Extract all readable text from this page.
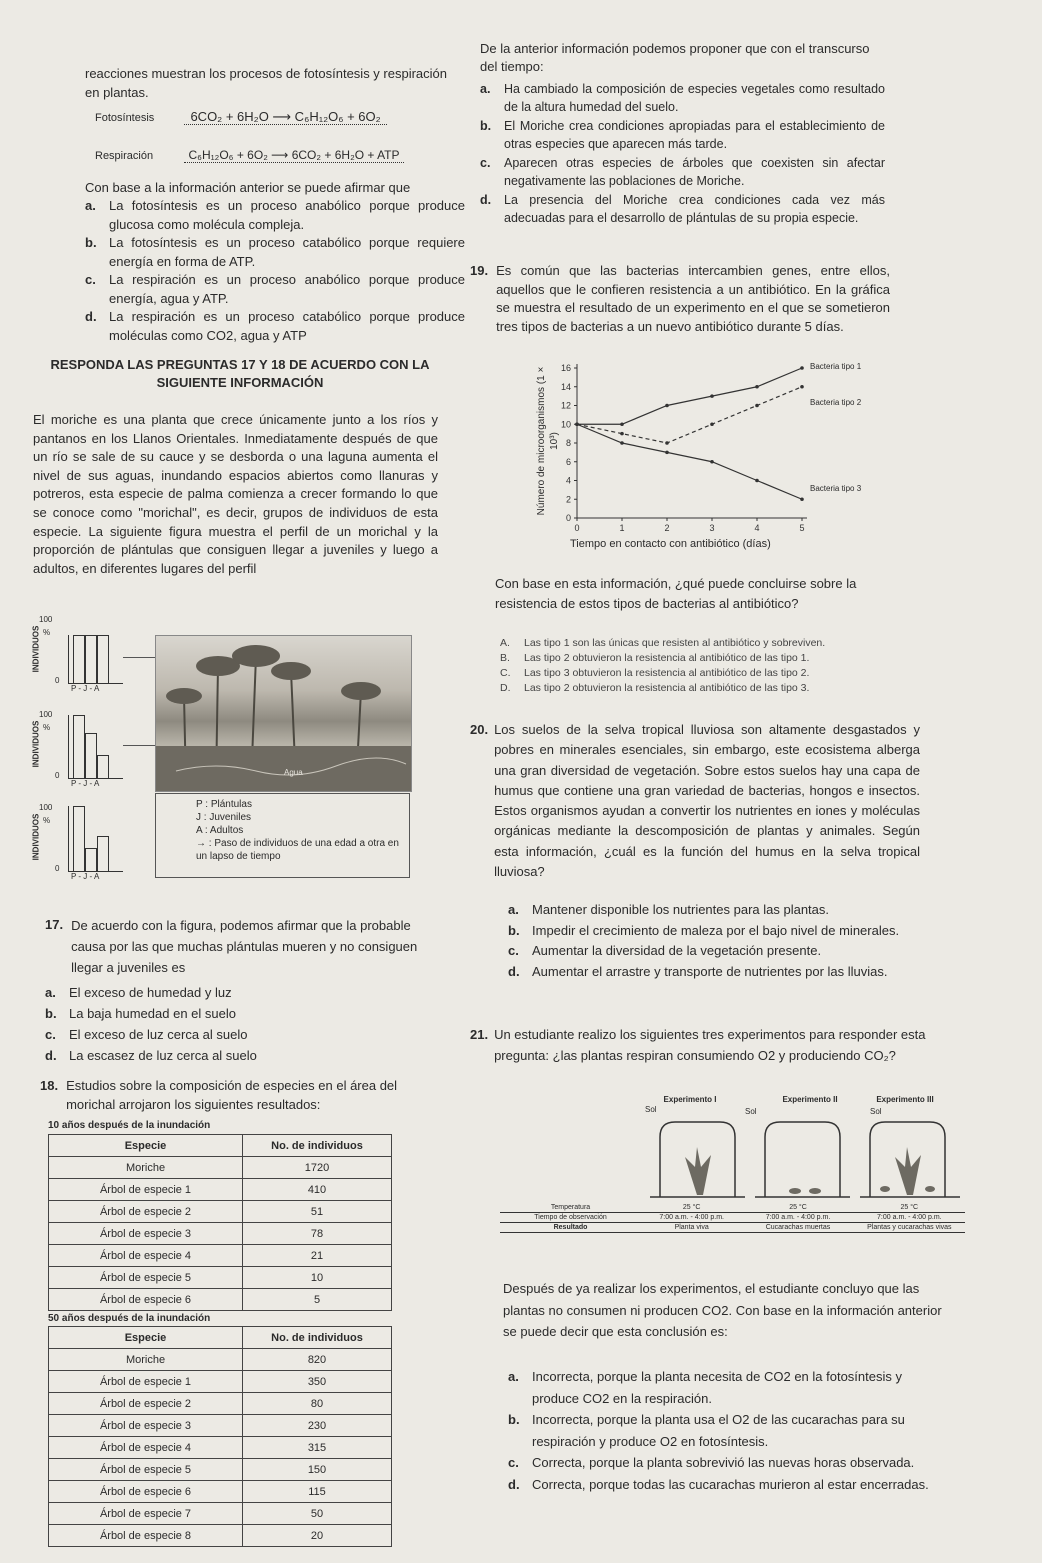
reacciones muestran los procesos de fotosíntesis y respiración en plantas.
Fotosíntesis	6CO₂ + 6H₂O ⟶ C₆H₁₂O₆ + 6O₂
Respiración	C₆H₁₂O₆ + 6O₂ ⟶ 6CO₂ + 6H₂O + ATP
Con base a la información anterior se puede afirmar que
a.	La fotosíntesis es un proceso anabólico porque produce glucosa como molécula compleja.
b. La fotosíntesis es un proceso catabólico porque requiere energía en forma de ATP.
c.	La respiración es un proceso anabólico porque produce energía, agua y ATP.
d. La respiración es un proceso catabólico porque produce moléculas como CO2, agua y ATP
RESPONDA LAS PREGUNTAS 17 Y 18 DE ACUERDO CON LA SIGUIENTE INFORMACIÓN
El moriche es una planta que crece únicamente junto a los ríos y pantanos en los Llanos Orientales. Inmediatamente después de que un río se sale de su cauce y se desborda o una laguna aumenta el nivel de sus aguas, inundando espacios abiertos como llanuras y potreros, esta especie de palma comienza a crecer formando lo que se conoce como "morichal", es decir, grupos de individuos de esta especie. La siguiente figura muestra el perfil de un morichal y la proporción de plántulas que consiguen llegar a juveniles y luego a adultos, en diferentes lugares del perfil
Agua
100
%
0
INDIVIDUOS
P - J - A
100
%
0
INDIVIDUOS
P - J - A
100
%
0
INDIVIDUOS
P - J - A
P : Plántulas
J : Juveniles
A : Adultos
→ : Paso de individuos de una edad a otra en un lapso de tiempo
17. De acuerdo con la figura, podemos afirmar que la probable causa por las que muchas plántulas mueren y no consiguen llegar a juveniles es
a.	El exceso de humedad y luz
b. La baja humedad en el suelo
c.	El exceso de luz cerca al suelo
d. La escasez de luz cerca al suelo
18. Estudios sobre la composición de especies en el área del morichal arrojaron los siguientes resultados:
10 años después de la inundación
Especie	No. de individuos
Moriche	1720
Árbol de especie 1	410
Árbol de especie 2	51
Árbol de especie 3	78
Árbol de especie 4	21
Árbol de especie 5	10
Árbol de especie 6	5
50 años después de la inundación
Especie	No. de individuos
Moriche	820
Árbol de especie 1	350
Árbol de especie 2	80
Árbol de especie 3	230
Árbol de especie 4	315
Árbol de especie 5	150
Árbol de especie 6	115
Árbol de especie 7	50
Árbol de especie 8	20
De la anterior información podemos proponer que con el transcurso del tiempo:
a.	Ha cambiado la composición de especies vegetales como resultado de la altura humedad del suelo.
b.	El Moriche crea condiciones apropiadas para el establecimiento de otras especies que aparecen más tarde.
c.	Aparecen otras especies de árboles que coexisten sin afectar negativamente las poblaciones de Moriche.
d.	La presencia del Moriche crea condiciones cada vez más adecuadas para el desarrollo de plántulas de su propia especie.
19. Es común que las bacterias intercambien genes, entre ellos, aquellos que le confieren resistencia a un antibiótico. En la gráfica se muestra el resultado de un experimento en el que se sometieron tres tipos de bacterias a un nuevo antibiótico durante 5 días.
0
2
4
6
8
10
12
14
16
0	1	2	3	4	5
Número de microorganismos (1 × 10³)
Tiempo en contacto con antibiótico (días)
Bacteria tipo 1
Bacteria tipo 2
Bacteria tipo 3
Con base en esta información, ¿qué puede concluirse sobre la resistencia de estos tipos de bacterias al antibiótico?
A.	Las tipo 1 son las únicas que resisten al antibiótico y sobreviven.
B.	Las tipo 2 obtuvieron la resistencia al antibiótico de las tipo 1.
C.	Las tipo 3 obtuvieron la resistencia al antibiótico de las tipo 2.
D.	Las tipo 2 obtuvieron la resistencia al antibiótico de las tipo 3.
20. Los suelos de la selva tropical lluviosa son altamente desgastados y pobres en minerales esenciales, sin embargo, este ecosistema alberga una gran diversidad de vegetación. Sobre estos suelos hay una capa de humus que contiene una gran variedad de bacterias, hongos e insectos. Estos organismos ayudan a convertir los nutrientes en iones y moléculas orgánicas mediante la descomposición de plantas y animales. Según esta información, ¿cuál es la función del humus en la selva tropical lluviosa?
a.	Mantener disponible los nutrientes para las plantas.
b. Impedir el crecimiento de maleza por el bajo nivel de minerales.
c.	Aumentar la diversidad de la vegetación presente.
d. Aumentar el arrastre y transporte de nutrientes por las lluvias.
21. Un estudiante realizo los siguientes tres experimentos para responder esta pregunta: ¿las plantas respiran consumiendo O2 y produciendo CO₂?
Experimento I	Experimento II	Experimento III
Sol	Sol	Sol
Temperatura	25 °C	25 °C	25 °C
Tiempo de observación	7:00 a.m. - 4:00 p.m.	7:00 a.m. - 4:00 p.m.	7:00 a.m. - 4:00 p.m.
Resultado	Planta viva	Cucarachas muertas	Plantas y cucarachas vivas
Después de ya realizar los experimentos, el estudiante concluyo que las plantas no consumen ni producen CO2. Con base en la información anterior se puede decir que esta conclusión es:
a.	Incorrecta, porque la planta necesita de CO2 en la fotosíntesis y produce CO2 en la respiración.
b. Incorrecta, porque la planta usa el O2 de las cucarachas para su respiración y produce O2 en fotosíntesis.
c.	Correcta, porque la planta sobrevivió las nuevas horas observada.
d. Correcta, porque todas las cucarachas murieron al estar encerradas.
